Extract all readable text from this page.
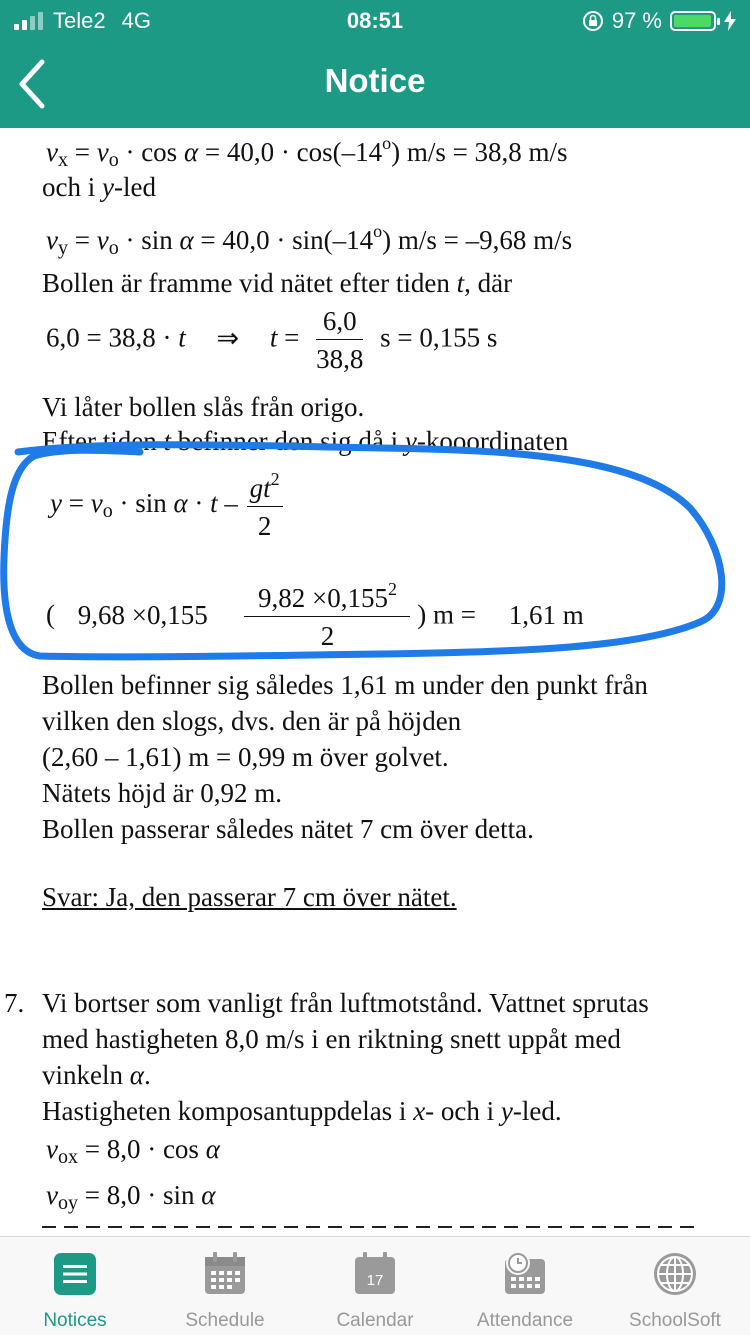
Tele2 4G	08:51	97 %
Notice
$v_x = v_o \cdot \cos \alpha = 40,0 \cdot \cos(-14^o) m/s = 38,8$ m/s
och i y-led
$v_y = v_o \cdot \sin \alpha = 40,0 \cdot \sin(-14^o) m/s = -9,68$ m/s
Bollen är framme vid nätet efter tiden t, där
6,0 = 38,8 · t ⇒ $t = \frac{6,0}{38,8}$ s = 0,155 s
Vi låter bollen slås från origo.
Efter tiden t befinner den sig då i y-kooordinaten
$y = v_o \cdot \sin \alpha \cdot t - \frac{gt^2}{2}$
( $9,68 \times 0,155 \frac{9,82 \times 0,155^2}{2}$ ) m = 1,61 m
Bollen befinner sig således 1,61 m under den punkt från
vilken den slogs, dvs. den är på höjden
(2,60 – 1,61) m = 0,99 m över golvet.
Nätets höjd är 0,92 m.
Bollen passerar således nätet 7 cm över detta.
Svar: Ja, den passerar 7 cm över nätet.
7. Vi bortser som vanligt från luftmotstånd. Vattnet sprutas
med hastigheten 8,0 m/s i en riktning snett uppåt med
vinkeln α.
Hastigheten komposantuppdelas i x- och i y-led.
$v_{ox} = 8,0 \cdot \cos \alpha$
$v_{oy} = 8,0 \cdot \sin \alpha$
Notices	Schedule
17
Calendar	Attendance	SchoolSoft
